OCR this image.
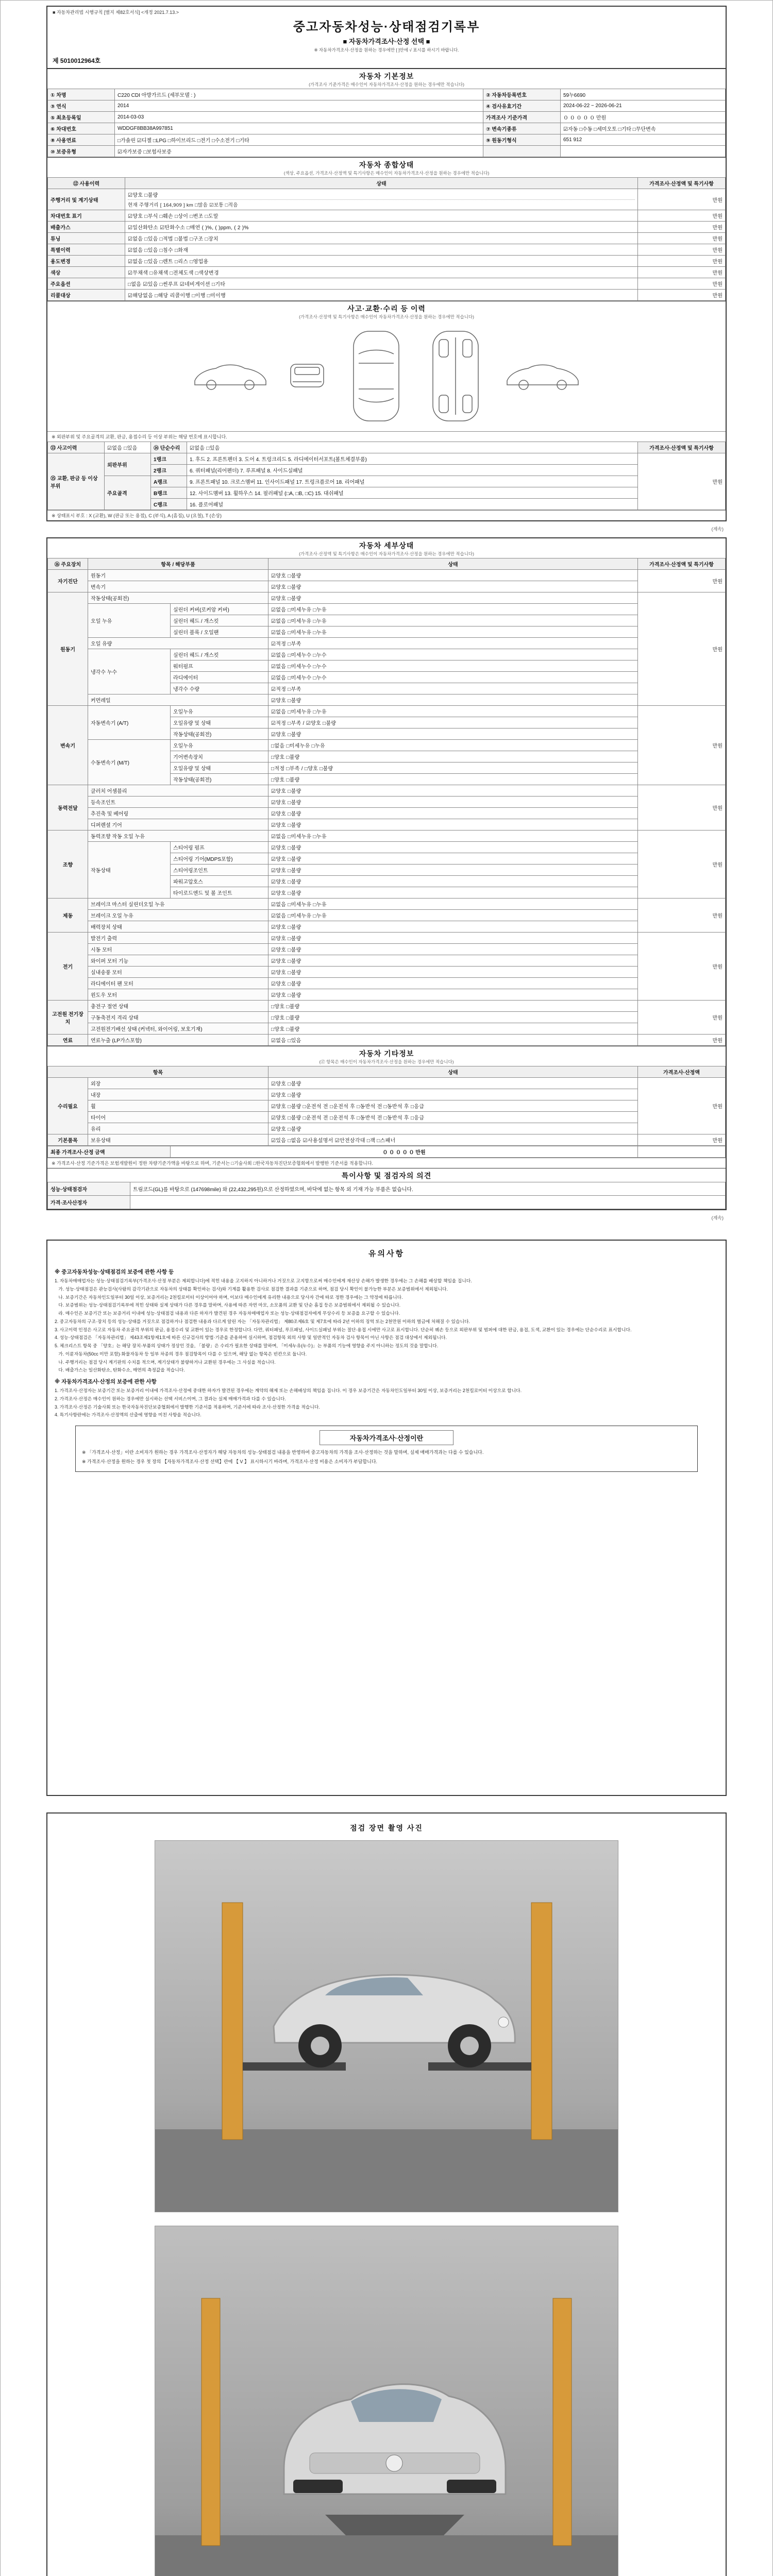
■ 자동차관리법 시행규칙 [별지 제82호서식] <개정 2021.7.13.>
중고자동차성능·상태점검기록부
■ 자동차가격조사·산정 선택 ■
※ 자동차가격조사·산정을 원하는 경우에만 [ ]안에 √ 표시를 하시기 바랍니다.
제 5010012964호
자동차 기본정보
(가격조사 기준가격은 매수인이 자동차가격조사·산정을 원하는 경우에만 적습니다)
① 차명	C220 CDI 아방가르드 (세부모델 : )	② 자동차등록번호	59누6690
③ 연식	2014	④ 검사유효기간	2024-06-22 ~ 2026-06-21
⑤ 최초등록일	2014-03-03	가격조사 기준가격	０ ０ ０ ０ ０ 만원
⑥ 차대번호	WDDGF8BB38A997851	⑦ 변속기종류	☑자동 □수동 □세미오토 □기타 □무단변속
⑧ 사용연료	□가솔린 ☑디젤 □LPG □하이브리드 □전기 □수소전기 □기타	⑨ 원동기형식	651 912
⑩ 보증유형	☑자가보증 □보험사보증		
자동차 종합상태
(색상, 주요옵션, 가격조사·산정액 및 특기사항은 매수인이 자동차가격조사·산정을 원하는 경우에만 적습니다)
⑫ 사용이력	상태	가격조사·산정액 및 특기사항
주행거리 및 계기상태	☑양호 □불량
현재 주행거리 [ 164,909 ] km □많음 ☑보통 □적음	만원
차대번호 표기	☑양호 □부식 □훼손 □상이 □변조 □도말	만원
배출가스	☑일산화탄소 ☑탄화수소 □매연 ( )%, ( )ppm, ( 2 )%	만원
튜닝	☑없음 □있음 □적법 □불법 □구조 □장치	만원
특별이력	☑없음 □있음 □침수 □화재	만원
용도변경	☑없음 □있음 □렌트 □리스 □영업용	만원
색상	☑무채색 □유채색 □전체도색 □색상변경	만원
주요옵션	□없음 ☑있음 □썬루프 ☑네비게이션 □기타	만원
리콜대상	☑해당없음 □해당 리콜이행 □이행 □미이행	만원
사고·교환·수리 등 이력
(가격조사·산정액 및 특기사항은 매수인이 자동차가격조사·산정을 원하는 경우에만 적습니다)
※ 외판부위 및 주요골격의 교환, 판금, 용접수리 등 이상 부위는 해당 번호에 표시합니다.
⑬ 사고이력	☑없음 □있음	⑭ 단순수리	☑없음 □있음	가격조사·산정액 및 특기사항
⑮ 교환, 판금 등 이상 부위	외판부위	1랭크	1. 후드 2. 프론트펜더 3. 도어 4. 트렁크리드 5. 라디에이터서포트(볼트체결부품)	만원
		2랭크	6. 쿼터패널(리어펜더) 7. 루프패널 8. 사이드실패널	
	주요골격	A랭크	9. 프론트패널 10. 크로스멤버 11. 인사이드패널 17. 트렁크플로어 18. 리어패널	
		B랭크	12. 사이드멤버 13. 휠하우스 14. 필러패널 (□A, □B, □C) 15. 대쉬패널	
		C랭크	16. 플로어패널	
※ 상태표시 부호 : X (교환), W (판금 또는 용접), C (부식), A (흠집), U (요철), T (손상)
(계속)
자동차 세부상태
(가격조사·산정액 및 특기사항은 매수인이 자동차가격조사·산정을 원하는 경우에만 적습니다)
⑯ 주요장치	항목 / 해당부품		상태	가격조사·산정액 및 특기사항
자기진단	원동기		☑양호 □불량	만원
	변속기		☑양호 □불량	
원동기	작동상태(공회전)		☑양호 □불량	만원
	오일 누유	실린더 커버(로커암 커버)	☑없음 □미세누유 □누유	
		실린더 헤드 / 개스킷	☑없음 □미세누유 □누유	
		실린더 블록 / 오일팬	☑없음 □미세누유 □누유	
	오일 유량		☑적정 □부족	
	냉각수 누수	실린더 헤드 / 개스킷	☑없음 □미세누수 □누수	
		워터펌프	☑없음 □미세누수 □누수	
		라디에이터	☑없음 □미세누수 □누수	
		냉각수 수량	☑적정 □부족	
	커먼레일		☑양호 □불량	
변속기	자동변속기 (A/T)	오일누유	☑없음 □미세누유 □누유	만원
		오일유량 및 상태	☑적정 □부족 / ☑양호 □불량	
		작동상태(공회전)	☑양호 □불량	
	수동변속기 (M/T)	오일누유	□없음 □미세누유 □누유	
		기어변속장치	□양호 □불량	
		오일유량 및 상태	□적정 □부족 / □양호 □불량	
		작동상태(공회전)	□양호 □불량	
동력전달	클러치 어셈블리		☑양호 □불량	만원
	등속조인트		☑양호 □불량	
	추진축 및 베어링		☑양호 □불량	
	디퍼렌셜 기어		☑양호 □불량	
조향	동력조향 작동 오일 누유		☑없음 □미세누유 □누유	만원
	작동상태	스티어링 펌프	☑양호 □불량	
		스티어링 기어(MDPS포함)	☑양호 □불량	
		스티어링조인트	☑양호 □불량	
		파워고압호스	☑양호 □불량	
		타이로드엔드 및 볼 조인트	☑양호 □불량	
제동	브레이크 마스터 실린더오일 누유		☑없음 □미세누유 □누유	만원
	브레이크 오일 누유		☑없음 □미세누유 □누유	
	배력장치 상태		☑양호 □불량	
전기	발전기 출력		☑양호 □불량	만원
	시동 모터		☑양호 □불량	
	와이퍼 모터 기능		☑양호 □불량	
	실내송풍 모터		☑양호 □불량	
	라디에이터 팬 모터		☑양호 □불량	
	윈도우 모터		☑양호 □불량	
고전원 전기장치	충전구 절연 상태		□양호 □불량	만원
	구동축전지 격리 상태		□양호 □불량	
	고전원전기배선 상태 (커넥터, 와이어링, 보호기재)		□양호 □불량	
연료	연료누출 (LP가스포함)		☑없음 □있음	만원
자동차 기타정보
(⑰ 항목은 매수인이 자동차가격조사·산정을 원하는 경우에만 적습니다)
항목		상태	가격조사·산정액
수리필요	외장	☑양호 □불량	만원
	내장	☑양호 □불량	
	휠	☑양호 □불량 □운전석 전 □운전석 후 □동반석 전 □동반석 후 □응급	
	타이어	☑양호 □불량 □운전석 전 □운전석 후 □동반석 전 □동반석 후 □응급	
	유리	☑양호 □불량	
기본품목	보유상태	☑있음 □없음 ☑사용설명서 ☑안전삼각대 □잭 □스패너	만원
최종 가격조사·산정 금액	０ ０ ０ ０ ０ 만원	
※ 가격조사·산정 기준가격은 보험개발원이 정한 차량기준가액을 바탕으로 하며, 기준서는 □기술사회 □한국자동차진단보증협회에서 발행한 기준서를 적용합니다.
특이사항 및 점검자의 의견
성능·상태점검자	트림코드(GL)를 바탕으로 (147698mile) 와 (22,432,295원)으로 산정하였으며, 바닥에 없는 항목 외 기재 가능 부품은 없습니다.
가격·조사산정자	
(계속)
유의사항
※ 중고자동차성능·상태점검의 보증에 관한 사항 등

1. 자동차매매업자는 성능·상태점검기록부(가격조사·산정 부분은 제외합니다)에 적힌 내용을 고지하지 아니하거나 거짓으로 고지함으로써 매수인에게 재산상 손해가 발생한 경우에는 그 손해를 배상할 책임을 집니다.

가. 성능·상태점검은 관능검사(사람의 감각기관으로 자동차의 상태를 확인하는 검사)와 기계를 활용한 검사로 점검한 결과를 기준으로 하며, 점검 당시 확인이 불가능한 부분은 보증범위에서 제외됩니다.

나. 보증기간은 자동차인도일부터 30일 이상, 보증거리는 2천킬로미터 이상이어야 하며, 이보다 매수인에게 유리한 내용으로 당사자 간에 따로 정한 경우에는 그 약정에 따릅니다.

다. 보증범위는 성능·상태점검기록부에 적힌 상태와 실제 상태가 다른 경우를 말하며, 사용에 따른 자연 마모, 소모품의 교환 및 단순 흠집 등은 보증범위에서 제외될 수 있습니다.

라. 매수인은 보증기간 또는 보증거리 이내에 성능·상태점검 내용과 다른 하자가 발견된 경우 자동차매매업자 또는 성능·상태점검자에게 무상수리 등 보증을 요구할 수 있습니다.

2. 중고자동차의 구조·장치 등의 성능·상태를 거짓으로 점검하거나 점검한 내용과 다르게 알린 자는 「자동차관리법」 제80조제6호 및 제7호에 따라 2년 이하의 징역 또는 2천만원 이하의 벌금에 처해질 수 있습니다.

3. 사고이력 인정은 사고로 자동차 주요골격 부위의 판금, 용접수리 및 교환이 있는 경우로 한정합니다. 다만, 쿼터패널, 루프패널, 사이드실패널 부위는 절단·용접 시에만 사고로 표시합니다. 단순히 꿰손 등으로 외판부위 및 범퍼에 대한 판금, 용접, 도색, 교환이 있는 경우에는 단순수리로 표시합니다.

4. 성능·상태점검은 「자동차관리법」 제43조제1항제1호에 따른 신규검사의 방법·기준을 준용하여 실시하며, 점검항목 외의 사항 및 일반적인 자동차 검사 항목이 아닌 사항은 점검 대상에서 제외됩니다.

5. 체크리스트 항목 중 「양호」는 해당 장치·부품의 상태가 정상인 것을, 「불량」은 수리가 필요한 상태를 말하며, 「미세누유(누수)」는 부품의 기능에 영향을 주지 아니하는 정도의 것을 말합니다.

가. 이륜자동차(50cc 미만 포함)·화물자동차 등 일부 차종의 경우 점검항목이 다를 수 있으며, 해당 없는 항목은 빈칸으로 둡니다.

나. 주행거리는 점검 당시 계기판의 수치를 적으며, 계기상태가 불량하거나 교환된 경우에는 그 사실을 적습니다.

다. 배출가스는 일산화탄소, 탄화수소, 매연의 측정값을 적습니다.

※ 자동차가격조사·산정의 보증에 관한 사항

1. 가격조사·산정자는 보증기간 또는 보증거리 이내에 가격조사·산정에 중대한 하자가 발견된 경우에는 계약의 해제 또는 손해배상의 책임을 집니다. 이 경우 보증기간은 자동차인도일부터 30일 이상, 보증거리는 2천킬로미터 이상으로 합니다.

2. 가격조사·산정은 매수인이 원하는 경우에만 실시하는 선택 서비스이며, 그 결과는 실제 매매가격과 다를 수 있습니다.

3. 가격조사·산정은 기술사회 또는 한국자동차진단보증협회에서 발행한 기준서를 적용하며, 기준서에 따라 조사·산정한 가격을 적습니다.

4. 특기사항란에는 가격조사·산정액의 산출에 영향을 미친 사항을 적습니다.

자동차가격조사·산정이란

※ 「가격조사·산정」이란 소비자가 원하는 경우 가격조사·산정자가 해당 자동차의 성능·상태점검 내용을 반영하여 중고자동차의 가격을 조사·산정하는 것을 말하며, 실제 매매가격과는 다를 수 있습니다.

※ 가격조사·산정을 원하는 경우 첫 장의 【자동차가격조사·산정 선택】란에 【 V 】 표시하시기 바라며, 가격조사·산정 비용은 소비자가 부담합니다.

점검 장면 촬영 사진
